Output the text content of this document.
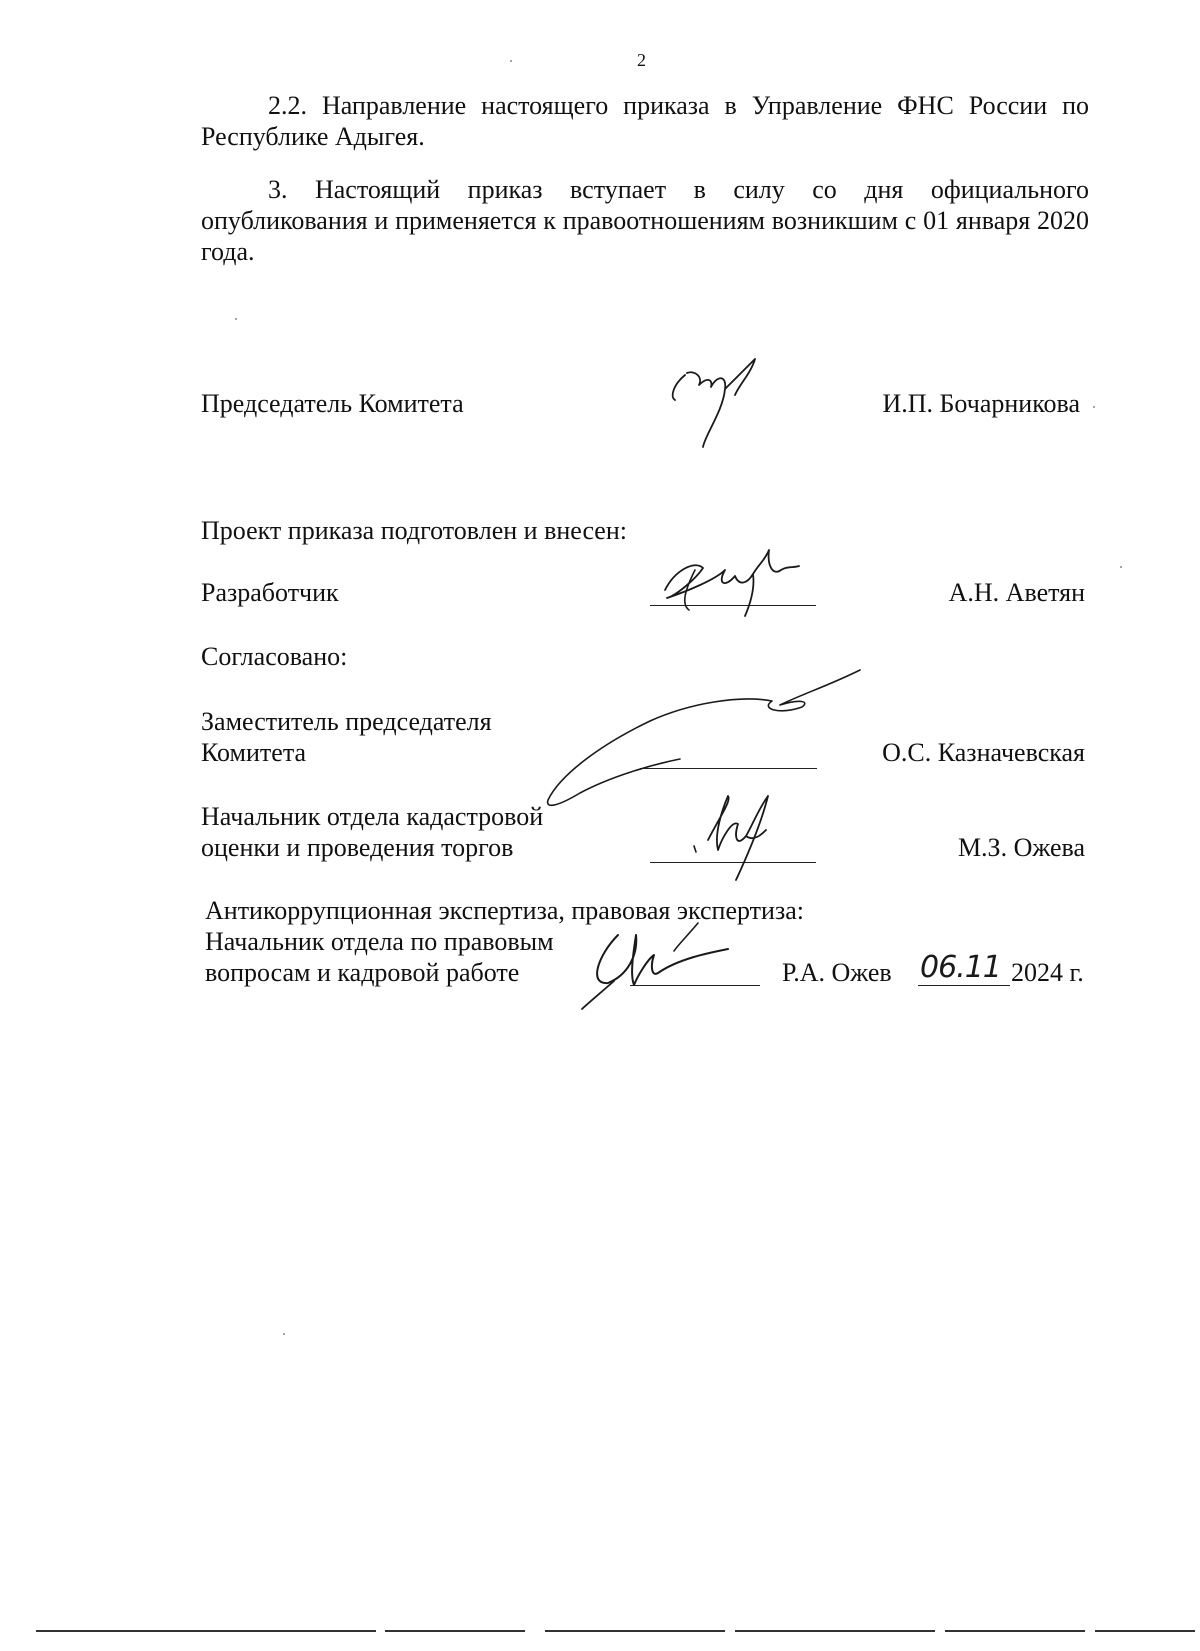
2

2.2. Направление настоящего приказа в Управление ФНС России по Республике Адыгея.

3. Настоящий приказ вступает в силу со дня официального опубликования и применяется к правоотношениям возникшим с 01 января 2020 года.

Председатель Комитета	И.П. Бочарникова
Проект приказа подготовлен и внесен:
Разработчик	А.Н. Аветян
Согласовано:
Заместитель председателя
Комитета	О.С. Казначевская
Начальник отдела кадастровой
оценки и проведения торгов	М.З. Ожева
Антикоррупционная экспертиза, правовая экспертиза:
Начальник отдела по правовым
вопросам и кадровой работе	Р.А. Ожев 06.11 2024 г.
